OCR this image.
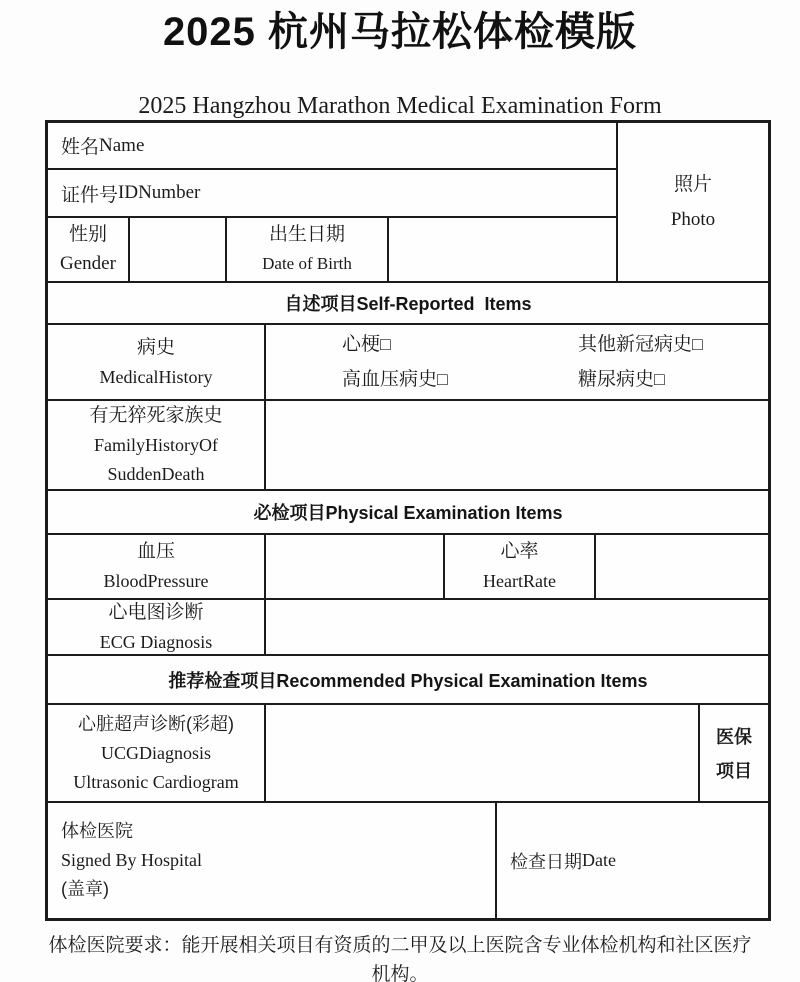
2025 杭州马拉松体检模版
2025 Hangzhou Marathon Medical Examination Form
姓名 Name
照片
Photo
证件号 IDNumber
性别
Gender
出生日期
Date of Birth
自述项目Self-Reported  Items
病史
MedicalHistory
心梗□
高血压病史□
其他新冠病史□
糖尿病史□
有无猝死家族史
FamilyHistoryOf
SuddenDeath
必检项目Physical Examination Items
血压
BloodPressure
心率
HeartRate
心电图诊断
ECG Diagnosis
推荐检查项目Recommended Physical Examination Items
心脏超声诊断(彩超)
UCGDiagnosis
Ultrasonic Cardiogram
医保
项目
体检医院
Signed By Hospital
(盖章)
检查日期 Date
体检医院要求：能开展相关项目有资质的二甲及以上医院含专业体检机构和社区医疗
机构。
